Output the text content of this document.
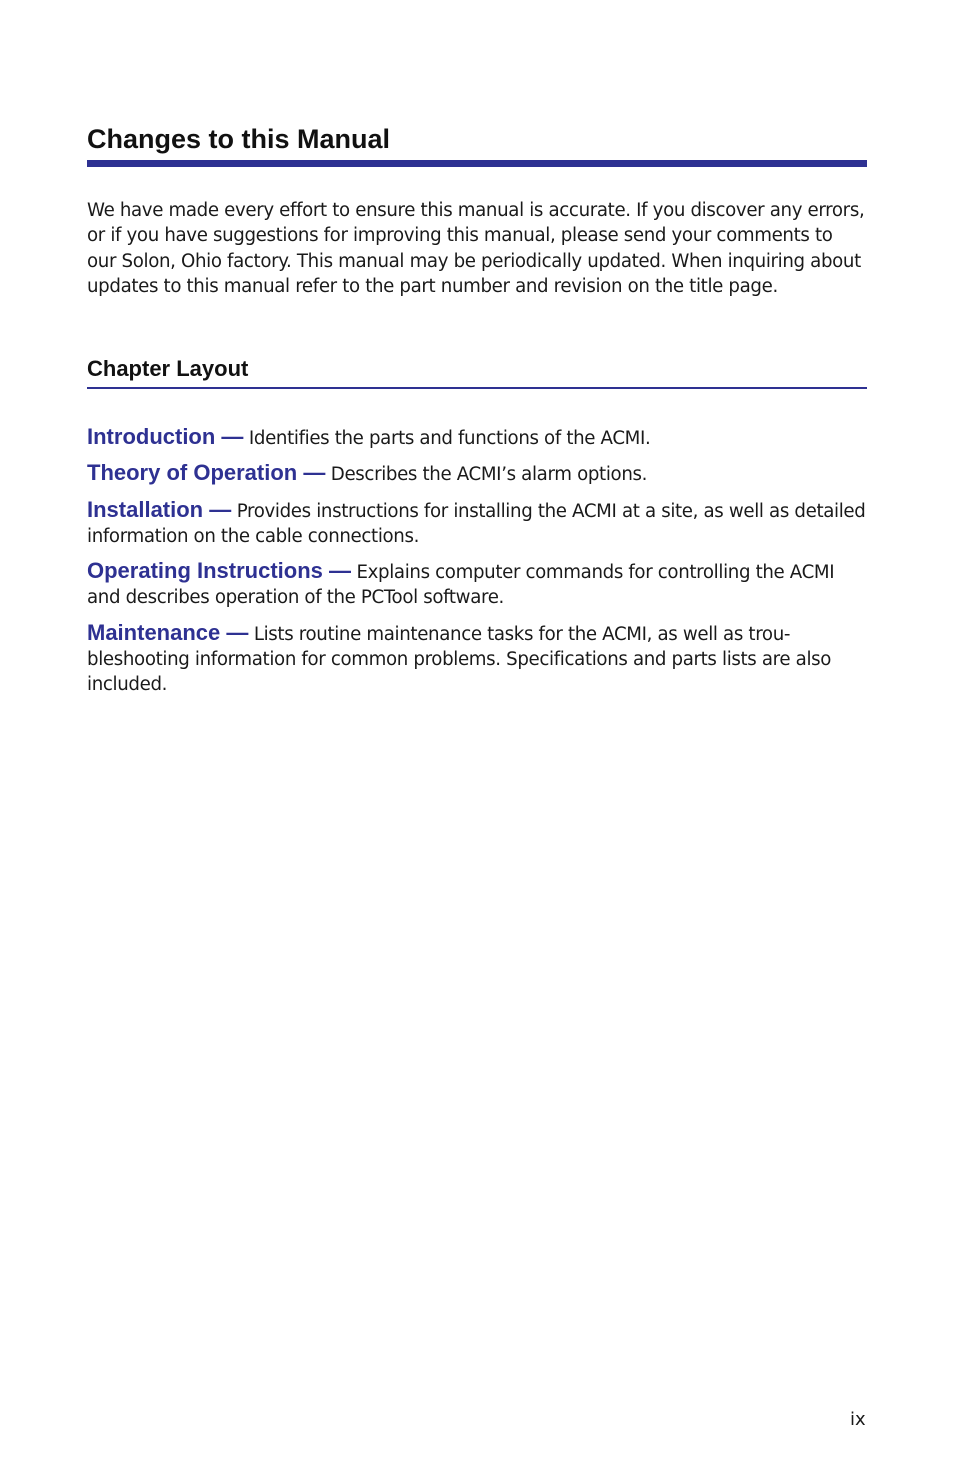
Changes to this Manual

We have made every effort to ensure this manual is accurate. If you discover any errors, or if you have suggestions for improving this manual, please send your comments to our Solon, Ohio factory. This manual may be periodically updated. When inquiring about updates to this manual refer to the part number and revision on the title page.

Chapter Layout

Introduction — Identifies the parts and functions of the ACMI.

Theory of Operation — Describes the ACMI’s alarm options.

Installation — Provides instructions for installing the ACMI at a site, as well as detailed information on the cable connections.

Operating Instructions — Explains computer commands for controlling the ACMI and describes operation of the PCTool software.

Maintenance — Lists routine maintenance tasks for the ACMI, as well as troubleshooting information for common problems. Specifications and parts lists are also included.

ix
